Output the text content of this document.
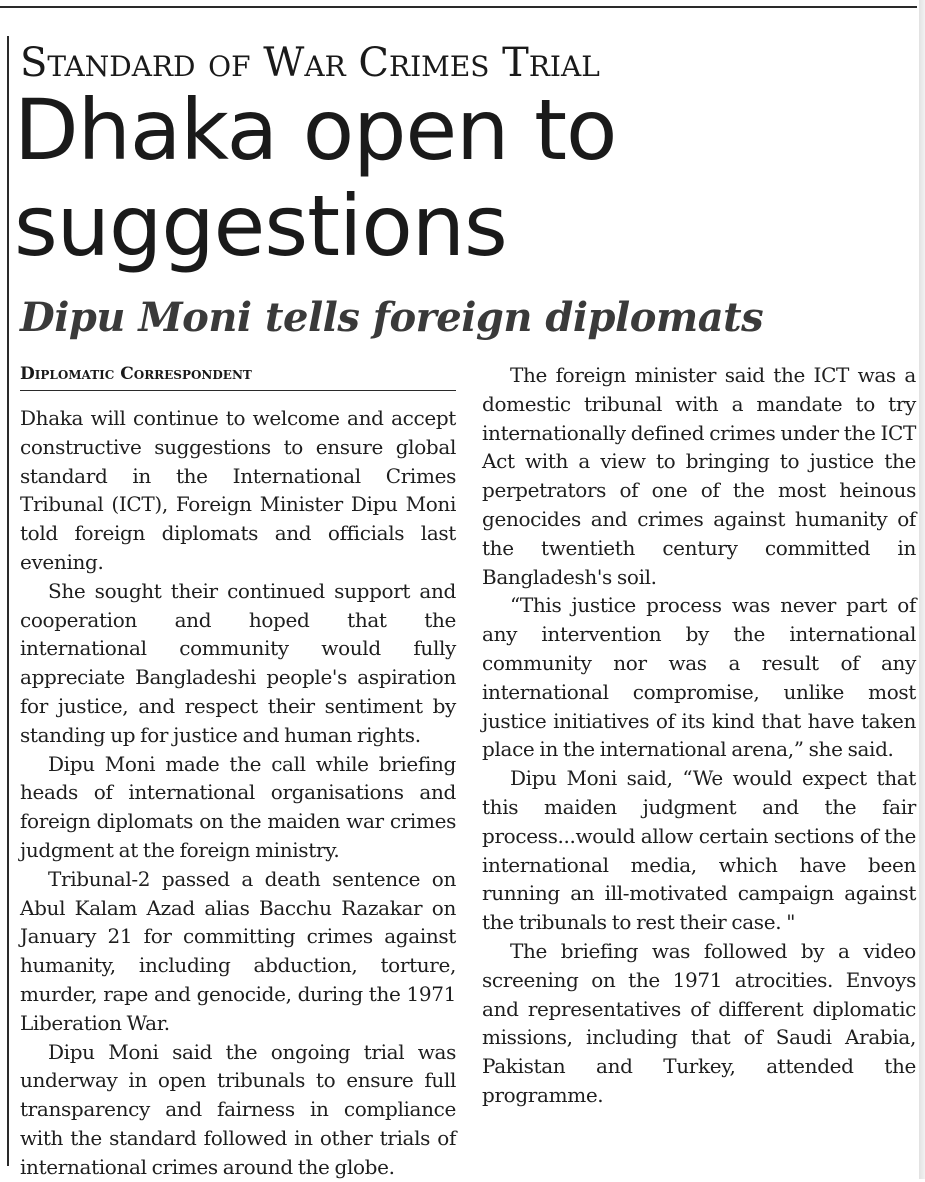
Standard of War Crimes Trial
Dhaka open to suggestions
Dipu Moni tells foreign diplomats
Diplomatic Correspondent

Dhaka will continue to welcome and accept constructive suggestions to ensure global standard in the International Crimes Tribunal (ICT), Foreign Minister Dipu Moni told foreign diplomats and officials last evening.

She sought their continued support and cooperation and hoped that the international community would fully appreciate Bangladeshi people's aspiration for justice, and respect their sentiment by standing up for justice and human rights.

Dipu Moni made the call while briefing heads of international organisations and foreign diplomats on the maiden war crimes judgment at the foreign ministry.

Tribunal-2 passed a death sentence on Abul Kalam Azad alias Bacchu Razakar on January 21 for committing crimes against humanity, including abduction, torture, murder, rape and genocide, during the 1971 Liberation War.

Dipu Moni said the ongoing trial was underway in open tribunals to ensure full transparency and fairness in compliance with the standard followed in other trials of international crimes around the globe.

The foreign minister said the ICT was a domestic tribunal with a mandate to try internationally defined crimes under the ICT Act with a view to bringing to justice the perpetrators of one of the most heinous genocides and crimes against humanity of the twentieth century committed in Bangladesh's soil.

“This justice process was never part of any intervention by the international community nor was a result of any international compromise, unlike most justice initiatives of its kind that have taken place in the international arena,” she said.

Dipu Moni said, “We would expect that this maiden judgment and the fair process...would allow certain sections of the international media, which have been running an ill-motivated campaign against the tribunals to rest their case. "

The briefing was followed by a video screening on the 1971 atrocities. Envoys and representatives of different diplomatic missions, including that of Saudi Arabia, Pakistan and Turkey, attended the programme.
